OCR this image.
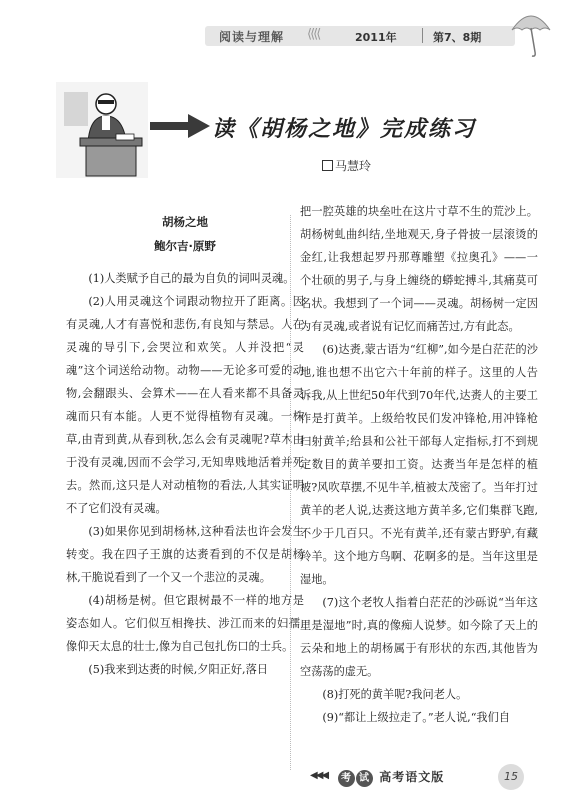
阅读与理解 ⟨⟨⟨⟨	2011年	第7、8期
读《胡杨之地》完成练习
马慧玲
胡杨之地
鲍尔吉·原野

(1)人类赋予自己的最为自负的词叫灵魂。

(2)人用灵魂这个词跟动物拉开了距离。因有灵魂,人才有喜悦和悲伤,有良知与禁忌。人在灵魂的导引下,会哭泣和欢笑。人并没把“灵魂”这个词送给动物。动物——无论多可爱的动物,会翻跟头、会算术——在人看来都不具备灵魂而只有本能。人更不觉得植物有灵魂。一株草,由青到黄,从春到秋,怎么会有灵魂呢?草木由于没有灵魂,因而不会学习,无知卑贱地活着并死去。然而,这只是人对动植物的看法,人其实证明不了它们没有灵魂。

(3)如果你见到胡杨林,这种看法也许会发生转变。我在四子王旗的达赉看到的不仅是胡杨林,干脆说看到了一个又一个悲泣的灵魂。

(4)胡杨是树。但它跟树最不一样的地方是姿态如人。它们似互相搀扶、涉江而来的妇孺,像仰天太息的壮士,像为自己包扎伤口的士兵。

(5)我来到达赉的时候,夕阳正好,落日

把一腔英雄的块垒吐在这片寸草不生的荒沙上。胡杨树虬曲纠结,坐地观天,身子骨披一层滚烫的金红,让我想起罗丹那尊雕塑《拉奥孔》——一个壮硕的男子,与身上缠绕的蟒蛇搏斗,其痛莫可名状。我想到了一个词——灵魂。胡杨树一定因为有灵魂,或者说有记忆而痛苦过,方有此态。

(6)达赉,蒙古语为“红柳”,如今是白茫茫的沙地,谁也想不出它六十年前的样子。这里的人告诉我,从上世纪50年代到70年代,达赉人的主要工作是打黄羊。上级给牧民们发冲锋枪,用冲锋枪扫射黄羊;给县和公社干部每人定指标,打不到规定数目的黄羊要扣工资。达赉当年是怎样的植被?风吹草摆,不见牛羊,植被太茂密了。当年打过黄羊的老人说,达赉这地方黄羊多,它们集群飞跑,不少于几百只。不光有黄羊,还有蒙古野驴,有藏羚羊。这个地方鸟啊、花啊多的是。当年这里是湿地。

(7)这个老牧人指着白茫茫的沙砾说“当年这里是湿地”时,真的像痴人说梦。如今除了天上的云朵和地上的胡杨属于有形状的东西,其他皆为空荡荡的虚无。

(8)打死的黄羊呢?我问老人。

(9)“都让上级拉走了。”老人说,“我们自

◀◀◀	考 试 高考语文版	15
